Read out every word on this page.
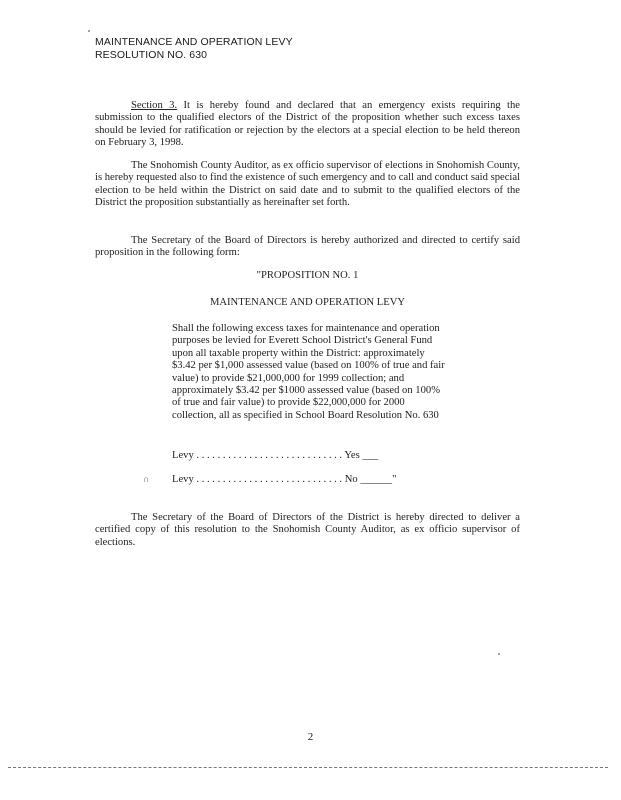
MAINTENANCE AND OPERATION LEVY
RESOLUTION NO. 630

Section 3. It is hereby found and declared that an emergency exists requiring the submission to the qualified electors of the District of the proposition whether such excess taxes should be levied for ratification or rejection by the electors at a special election to be held thereon on February 3, 1998.

The Snohomish County Auditor, as ex officio supervisor of elections in Snohomish County, is hereby requested also to find the existence of such emergency and to call and conduct said special election to be held within the District on said date and to submit to the qualified electors of the District the proposition substantially as hereinafter set forth.

The Secretary of the Board of Directors is hereby authorized and directed to certify said proposition in the following form:

"PROPOSITION NO. 1
MAINTENANCE AND OPERATION LEVY

Shall the following excess taxes for maintenance and operation purposes be levied for Everett School District's General Fund upon all taxable property within the District: approximately $3.42 per $1,000 assessed value (based on 100% of true and fair value) to provide $21,000,000 for 1999 collection; and approximately $3.42 per $1000 assessed value (based on 100% of true and fair value) to provide $22,000,000 for 2000 collection, all as specified in School Board Resolution No. 630

Levy . . . . . . . . . . . . . . . . . . . . . . . . . . . . Yes ___
∩ Levy . . . . . . . . . . . . . . . . . . . . . . . . . . . . No ______"

The Secretary of the Board of Directors of the District is hereby directed to deliver a certified copy of this resolution to the Snohomish County Auditor, as ex officio supervisor of elections.

2
